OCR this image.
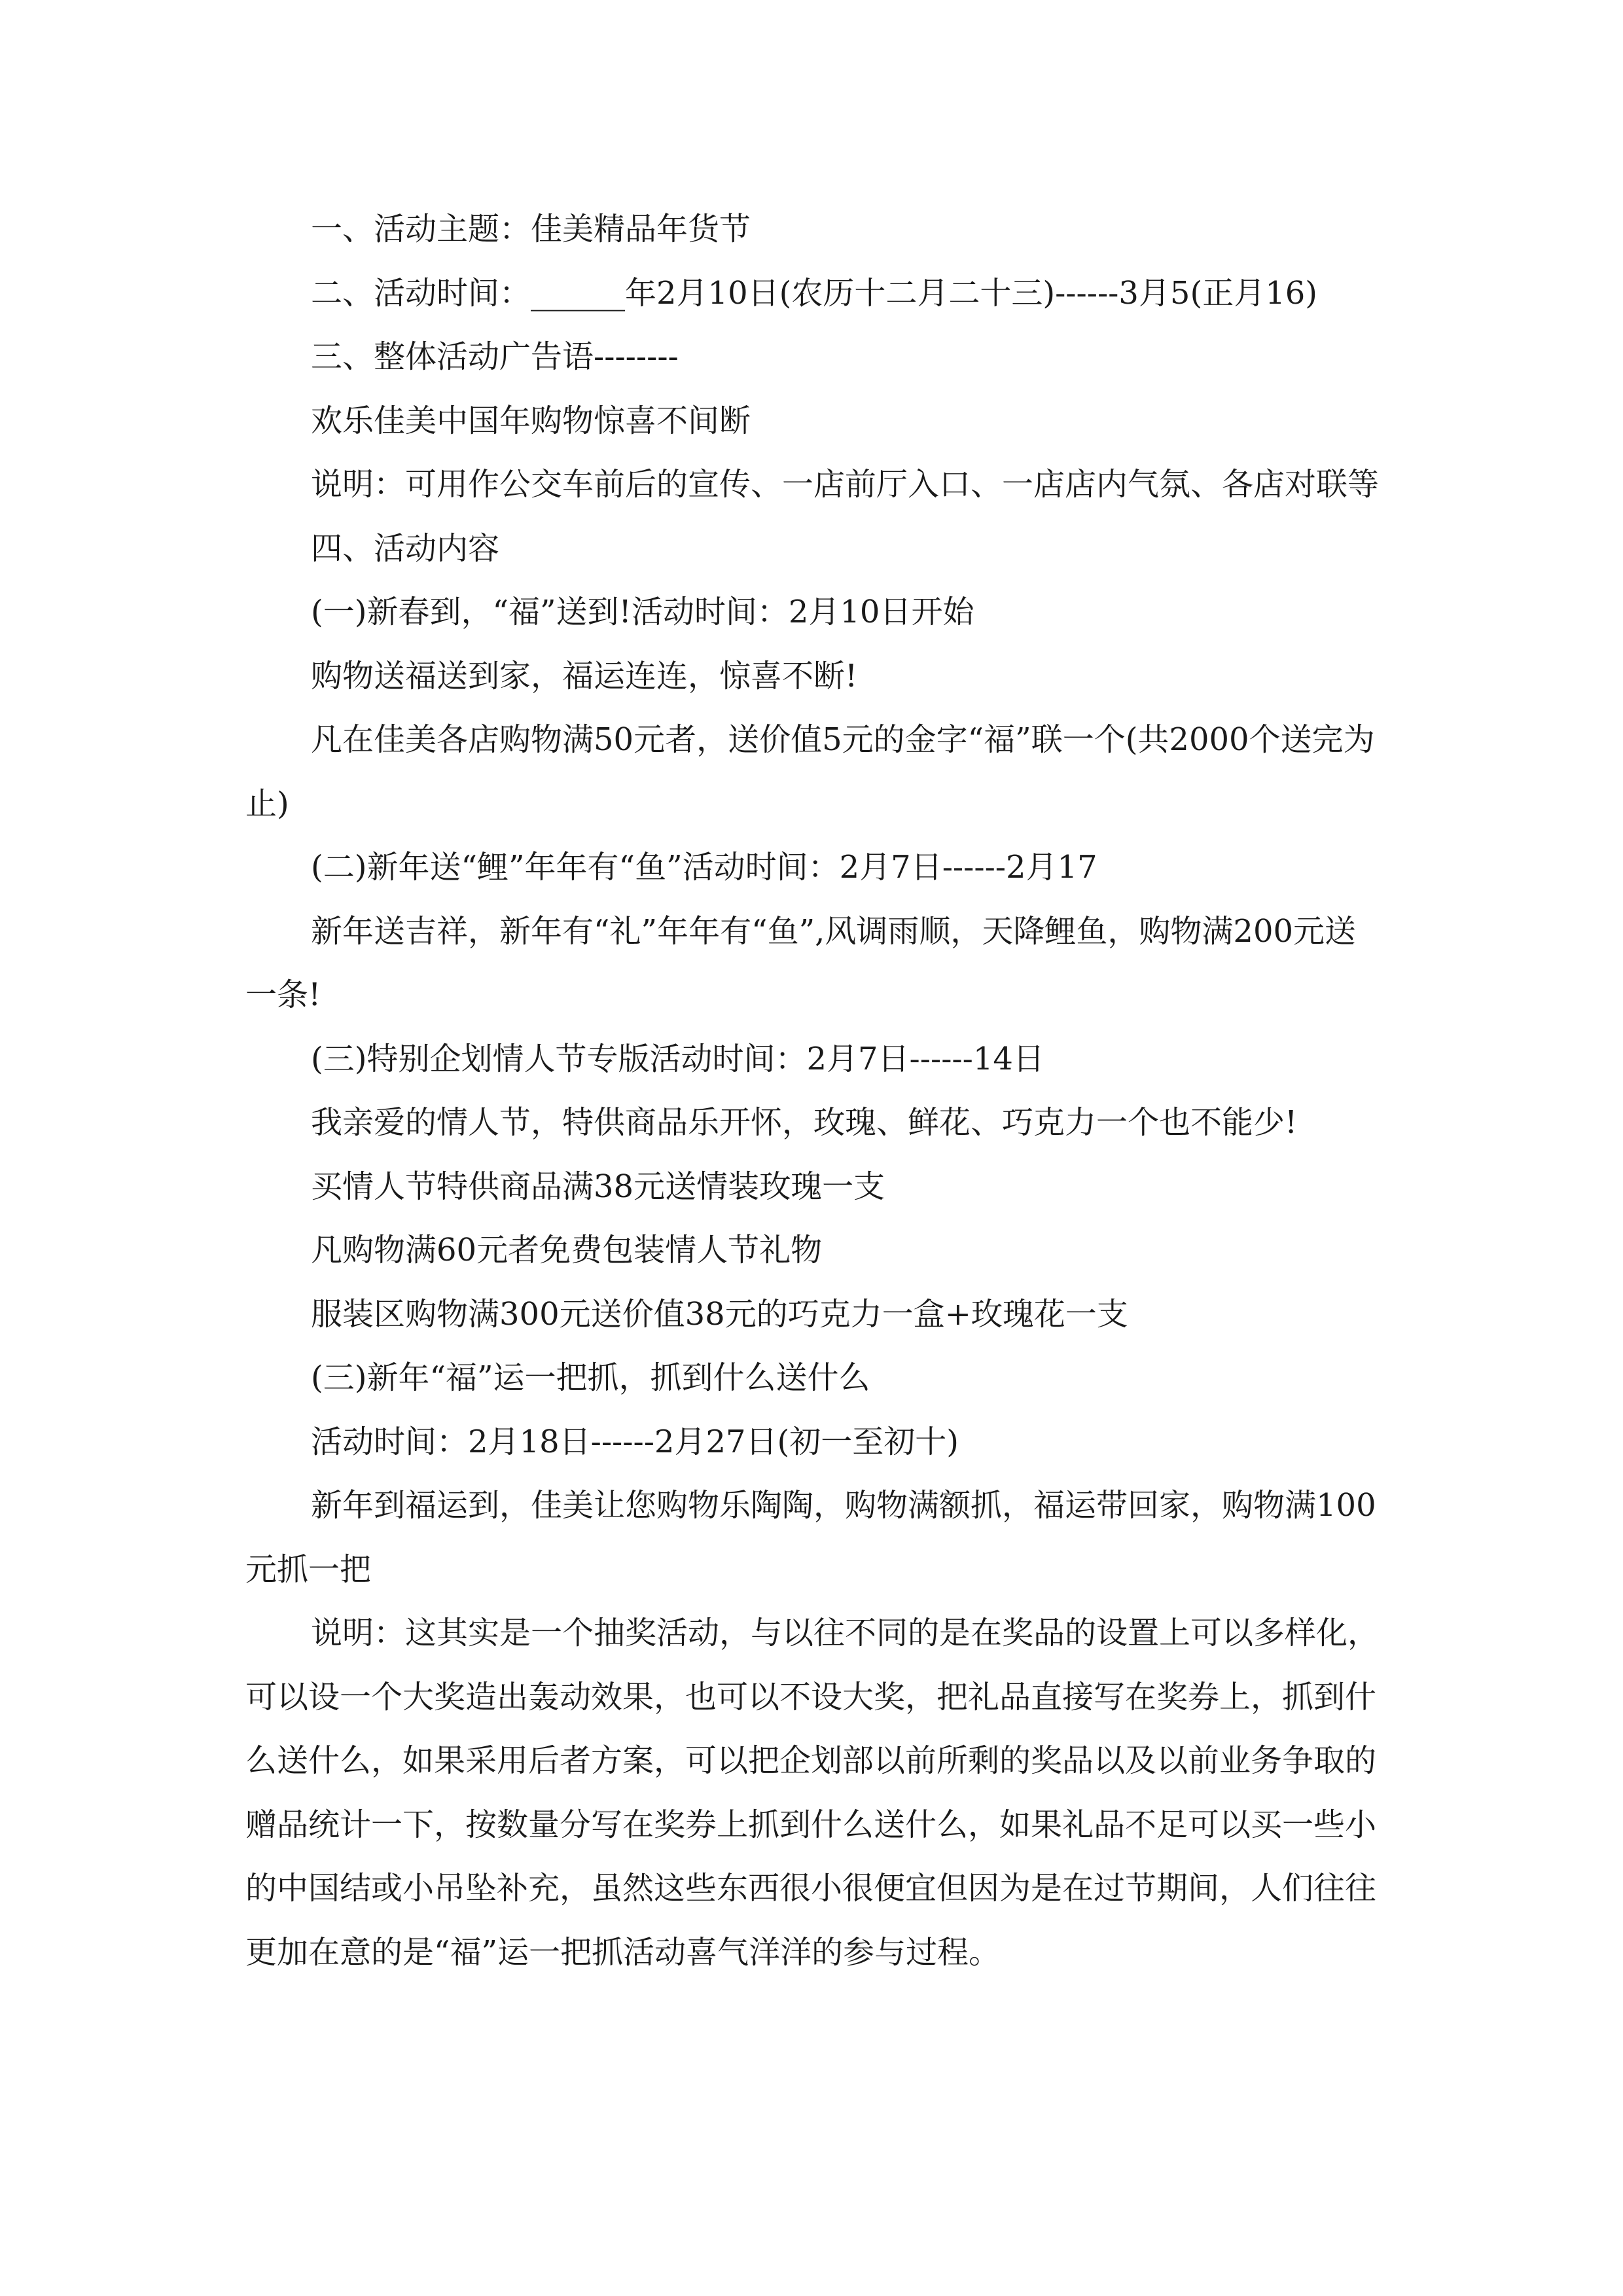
一、活动主题：佳美精品年货节

二、活动时间：______年2月10日(农历十二月二十三)------3月5(正月16)

三、整体活动广告语--------

欢乐佳美中国年购物惊喜不间断

说明：可用作公交车前后的宣传、一店前厅入口、一店店内气氛、各店对联等

四、活动内容

(一)新春到，“福”送到!活动时间：2月10日开始

购物送福送到家，福运连连，惊喜不断!

凡在佳美各店购物满50元者，送价值5元的金字“福”联一个(共2000个送完为止)

(二)新年送“鲤”年年有“鱼”活动时间：2月7日------2月17

新年送吉祥，新年有“礼”年年有“鱼”,风调雨顺，天降鲤鱼，购物满200元送一条!

(三)特别企划情人节专版活动时间：2月7日------14日

我亲爱的情人节，特供商品乐开怀，玫瑰、鲜花、巧克力一个也不能少!

买情人节特供商品满38元送情装玫瑰一支

凡购物满60元者免费包装情人节礼物

服装区购物满300元送价值38元的巧克力一盒+玫瑰花一支

(三)新年“福”运一把抓，抓到什么送什么

活动时间：2月18日------2月27日(初一至初十)

新年到福运到，佳美让您购物乐陶陶，购物满额抓，福运带回家，购物满100元抓一把

说明：这其实是一个抽奖活动，与以往不同的是在奖品的设置上可以多样化，可以设一个大奖造出轰动效果，也可以不设大奖，把礼品直接写在奖券上，抓到什么送什么，如果采用后者方案，可以把企划部以前所剩的奖品以及以前业务争取的赠品统计一下，按数量分写在奖券上抓到什么送什么，如果礼品不足可以买一些小的中国结或小吊坠补充，虽然这些东西很小很便宜但因为是在过节期间，人们往往更加在意的是“福”运一把抓活动喜气洋洋的参与过程。
